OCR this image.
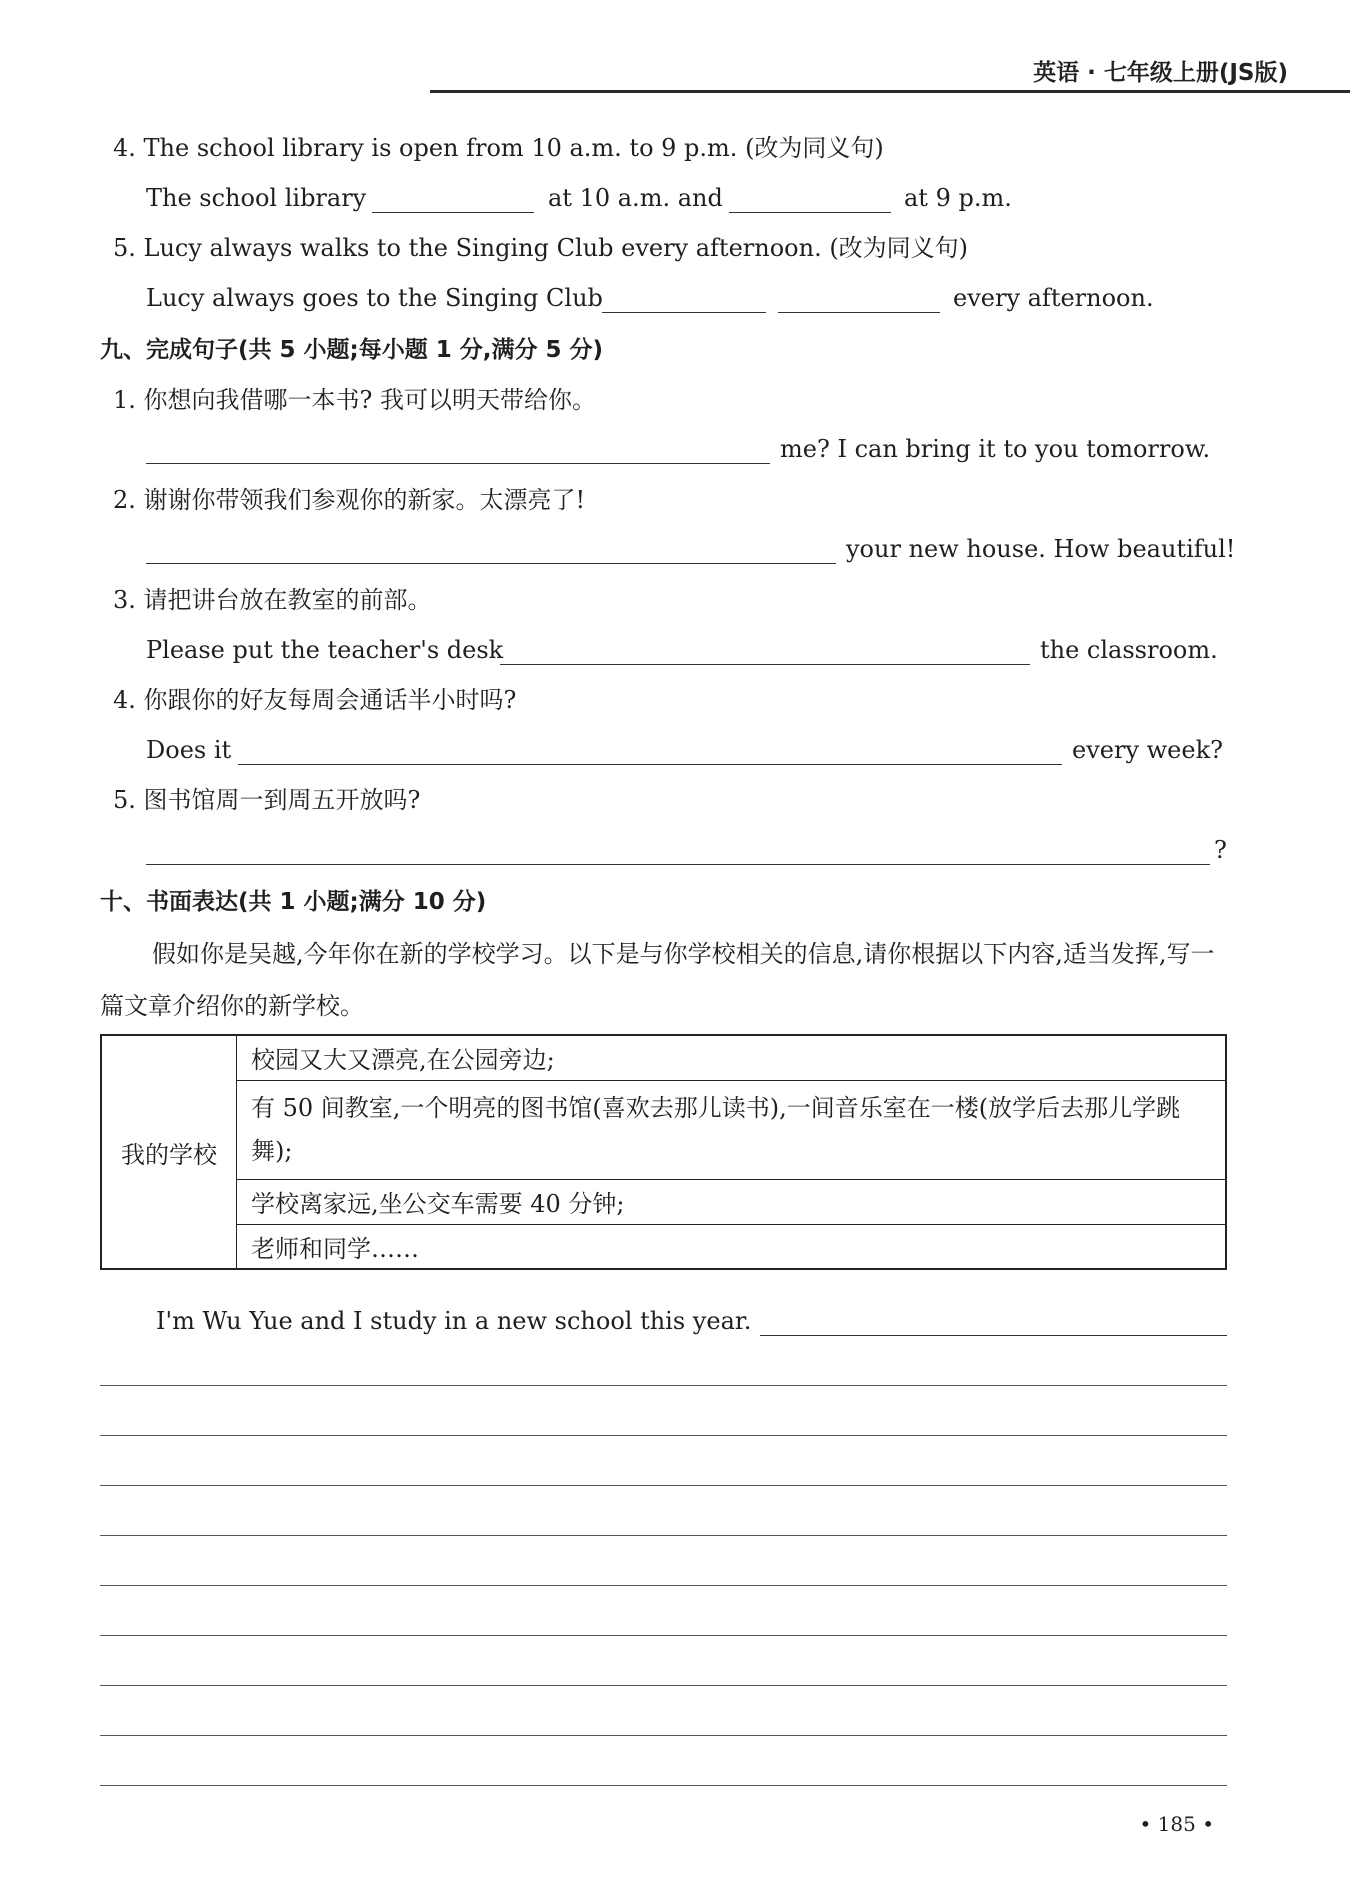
英语 · 七年级上册(JS版)
4. The school library is open from 10 a.m. to 9 p.m. (改为同义句)
The school library	at 10 a.m. and	at 9 p.m.
5. Lucy always walks to the Singing Club every afternoon. (改为同义句)
Lucy always goes to the Singing Club	every afternoon.
九、完成句子(共 5 小题;每小题 1 分,满分 5 分)
1. 你想向我借哪一本书? 我可以明天带给你。
me? I can bring it to you tomorrow.
2. 谢谢你带领我们参观你的新家。太漂亮了!
your new house. How beautiful!
3. 请把讲台放在教室的前部。
Please put the teacher's desk	the classroom.
4. 你跟你的好友每周会通话半小时吗?
Does it	every week?
5. 图书馆周一到周五开放吗?
?
十、书面表达(共 1 小题;满分 10 分)
假如你是吴越,今年你在新的学校学习。以下是与你学校相关的信息,请你根据以下内容,适当发挥,写一篇文章介绍你的新学校。
我的学校	校园又大又漂亮,在公园旁边;
有 50 间教室,一个明亮的图书馆(喜欢去那儿读书),一间音乐室在一楼(放学后去那儿学跳舞);
学校离家远,坐公交车需要 40 分钟;
老师和同学……
I'm Wu Yue and I study in a new school this year.
• 185 •
